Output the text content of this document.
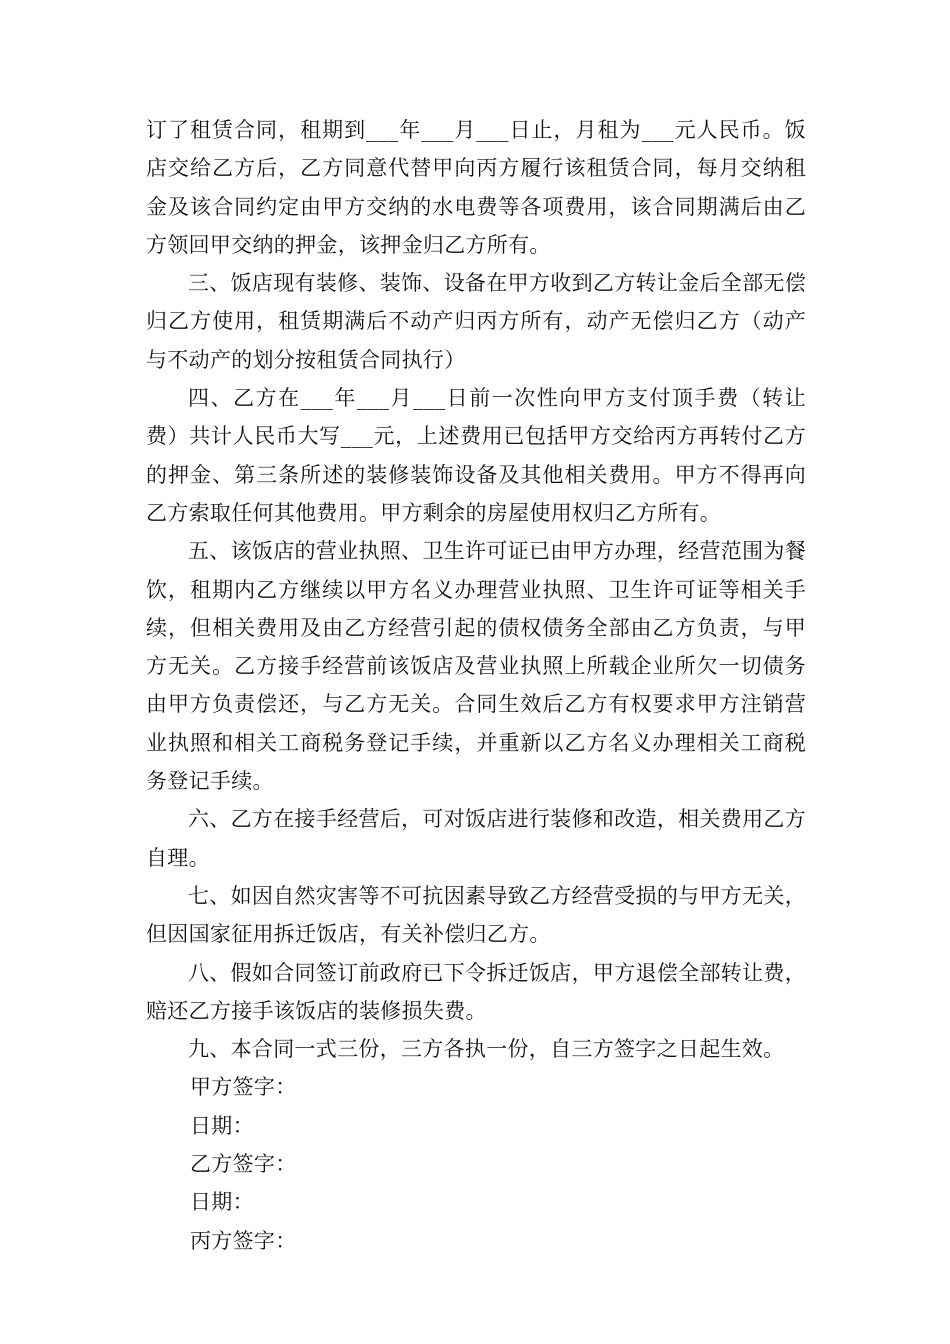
订了租赁合同，租期到___年___月___日止，月租为___元人民币。饭店交给乙方后，乙方同意代替甲向丙方履行该租赁合同，每月交纳租金及该合同约定由甲方交纳的水电费等各项费用，该合同期满后由乙方领回甲交纳的押金，该押金归乙方所有。

三、饭店现有装修、装饰、设备在甲方收到乙方转让金后全部无偿归乙方使用，租赁期满后不动产归丙方所有，动产无偿归乙方（动产与不动产的划分按租赁合同执行）

四、乙方在___年___月___日前一次性向甲方支付顶手费（转让费）共计人民币大写___元，上述费用已包括甲方交给丙方再转付乙方的押金、第三条所述的装修装饰设备及其他相关费用。甲方不得再向乙方索取任何其他费用。甲方剩余的房屋使用权归乙方所有。

五、该饭店的营业执照、卫生许可证已由甲方办理，经营范围为餐饮，租期内乙方继续以甲方名义办理营业执照、卫生许可证等相关手续，但相关费用及由乙方经营引起的债权债务全部由乙方负责，与甲方无关。乙方接手经营前该饭店及营业执照上所载企业所欠一切债务由甲方负责偿还，与乙方无关。合同生效后乙方有权要求甲方注销营业执照和相关工商税务登记手续，并重新以乙方名义办理相关工商税务登记手续。

六、乙方在接手经营后，可对饭店进行装修和改造，相关费用乙方自理。

七、如因自然灾害等不可抗因素导致乙方经营受损的与甲方无关，但因国家征用拆迁饭店，有关补偿归乙方。

八、假如合同签订前政府已下令拆迁饭店，甲方退偿全部转让费，赔还乙方接手该饭店的装修损失费。

九、本合同一式三份，三方各执一份，自三方签字之日起生效。

甲方签字：

日期：

乙方签字：

日期：

丙方签字：
